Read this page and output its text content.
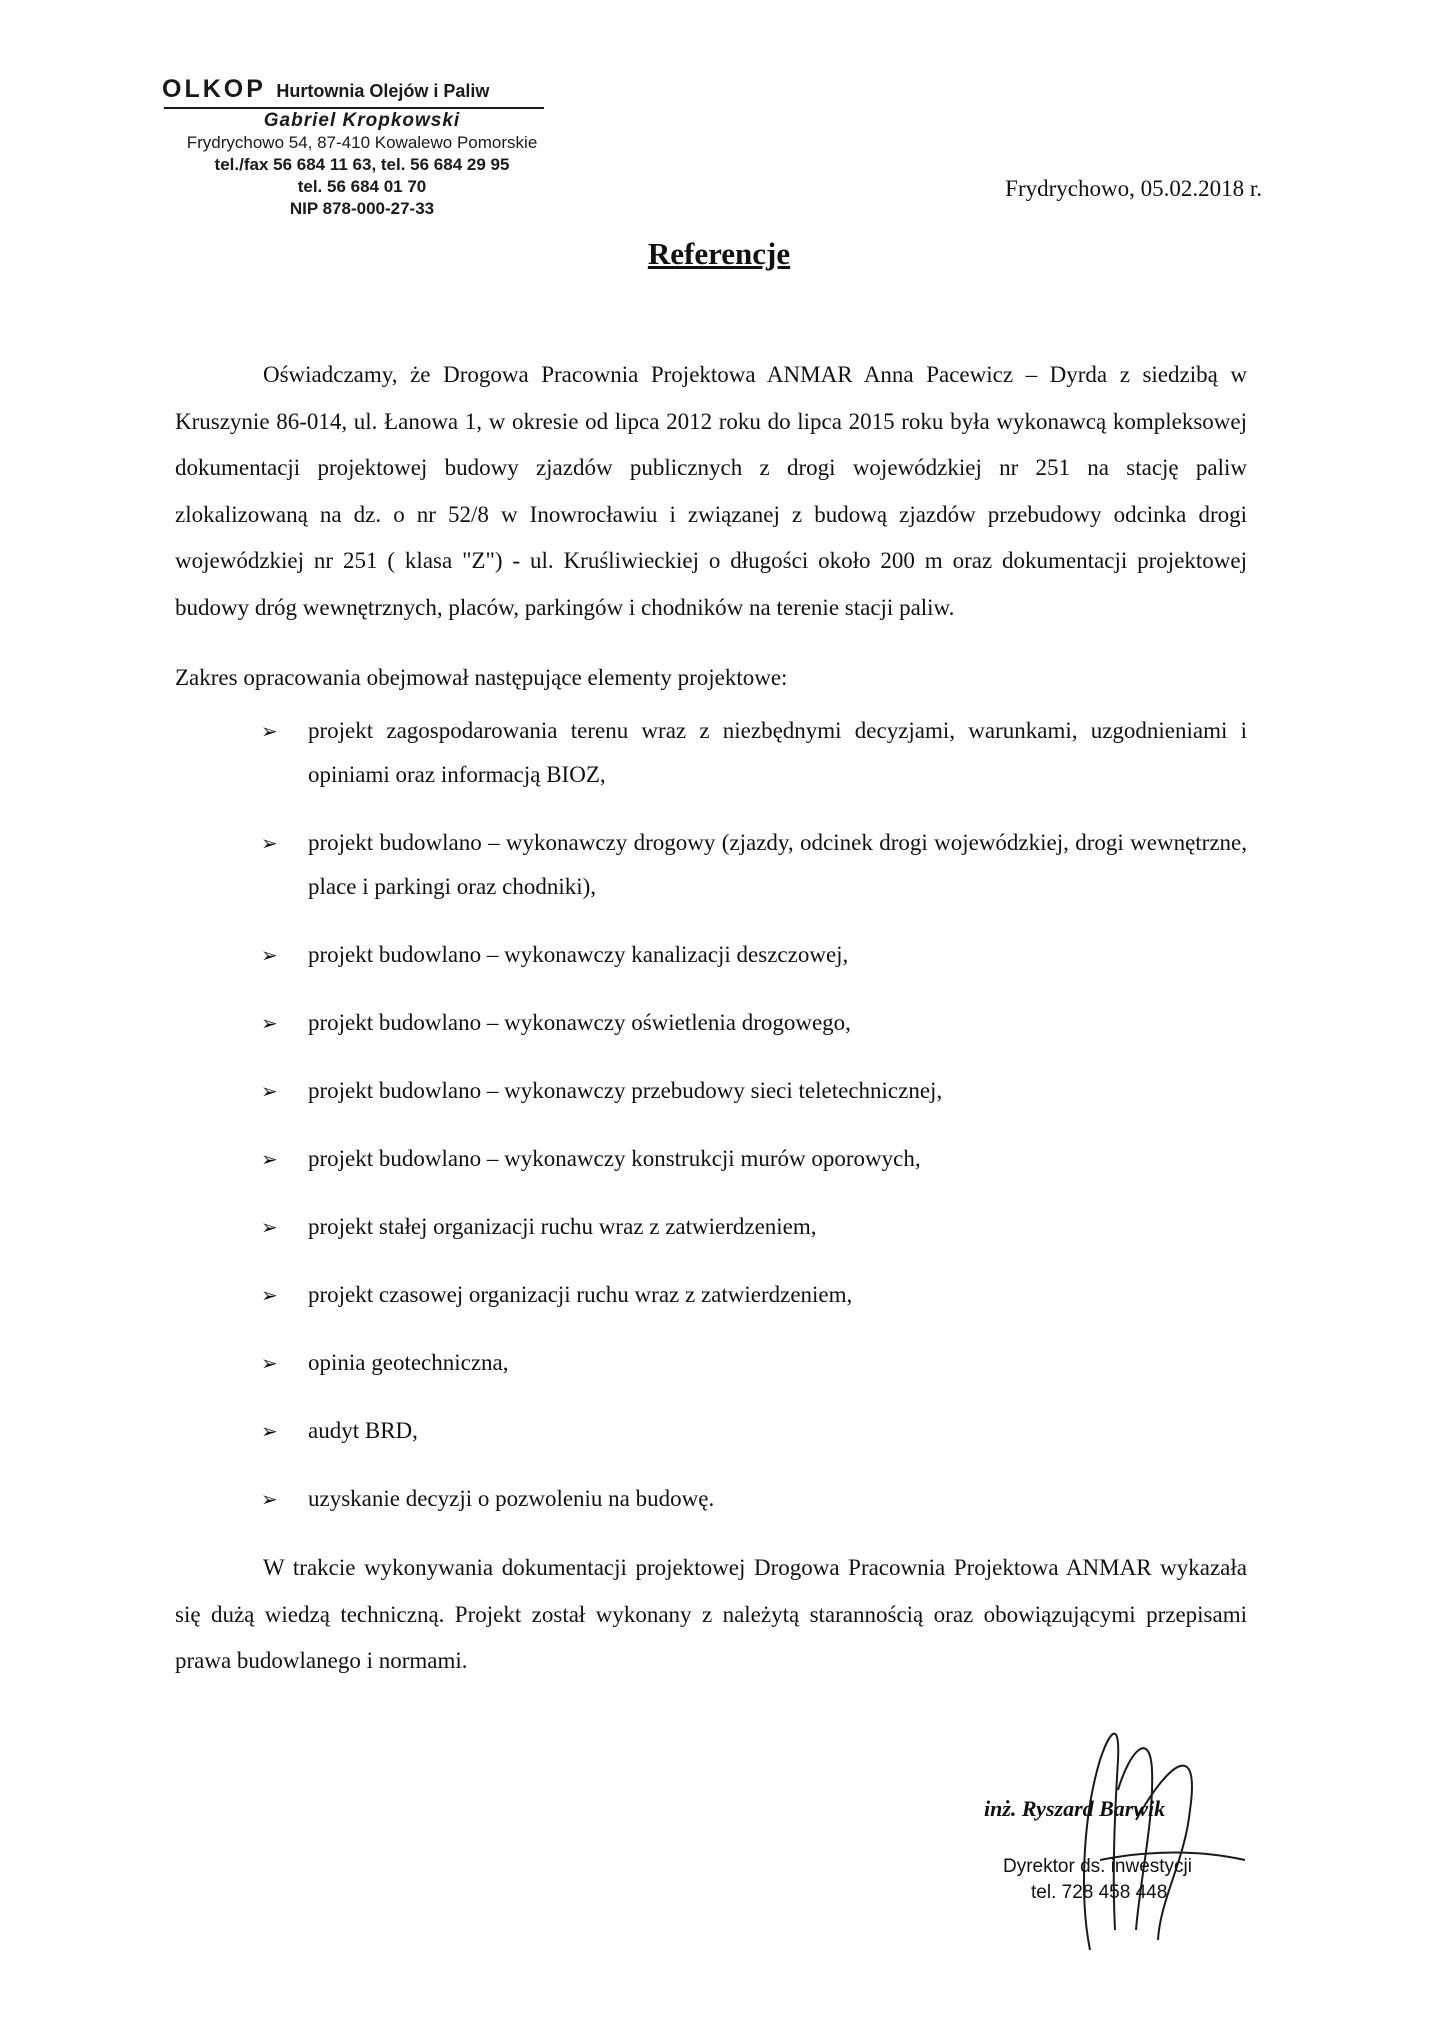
OLKOP Hurtownia Olejów i Paliw
Gabriel Kropkowski
Frydrychowo 54, 87-410 Kowalewo Pomorskie
tel./fax 56 684 11 63, tel. 56 684 29 95
tel. 56 684 01 70
NIP 878-000-27-33
Frydrychowo, 05.02.2018 r.
Referencje

Oświadczamy, że Drogowa Pracownia Projektowa ANMAR Anna Pacewicz – Dyrda z siedzibą w Kruszynie 86-014, ul. Łanowa 1, w okresie od lipca 2012 roku do lipca 2015 roku była wykonawcą kompleksowej dokumentacji projektowej budowy zjazdów publicznych z drogi wojewódzkiej nr 251 na stację paliw zlokalizowaną na dz. o nr 52/8 w Inowrocławiu i związanej z budową zjazdów przebudowy odcinka drogi wojewódzkiej nr 251 ( klasa "Z") - ul. Kruśliwieckiej o długości około 200 m oraz dokumentacji projektowej budowy dróg wewnętrznych, placów, parkingów i chodników na terenie stacji paliw.

Zakres opracowania obejmował następujące elementy projektowe:

➢ projekt zagospodarowania terenu wraz z niezbędnymi decyzjami, warunkami, uzgodnieniami i opiniami oraz informacją BIOZ,
➢ projekt budowlano – wykonawczy drogowy (zjazdy, odcinek drogi wojewódzkiej, drogi wewnętrzne, place i parkingi oraz chodniki),
➢ projekt budowlano – wykonawczy kanalizacji deszczowej,
➢ projekt budowlano – wykonawczy oświetlenia drogowego,
➢ projekt budowlano – wykonawczy przebudowy sieci teletechnicznej,
➢ projekt budowlano – wykonawczy konstrukcji murów oporowych,
➢ projekt stałej organizacji ruchu wraz z zatwierdzeniem,
➢ projekt czasowej organizacji ruchu wraz z zatwierdzeniem,
➢ opinia geotechniczna,
➢ audyt BRD,
➢ uzyskanie decyzji o pozwoleniu na budowę.

W trakcie wykonywania dokumentacji projektowej Drogowa Pracownia Projektowa ANMAR wykazała się dużą wiedzą techniczną. Projekt został wykonany z należytą starannością oraz obowiązującymi przepisami prawa budowlanego i normami.

inż. Ryszard Barwik
Dyrektor ds. inwestycji
tel. 728 458 448
